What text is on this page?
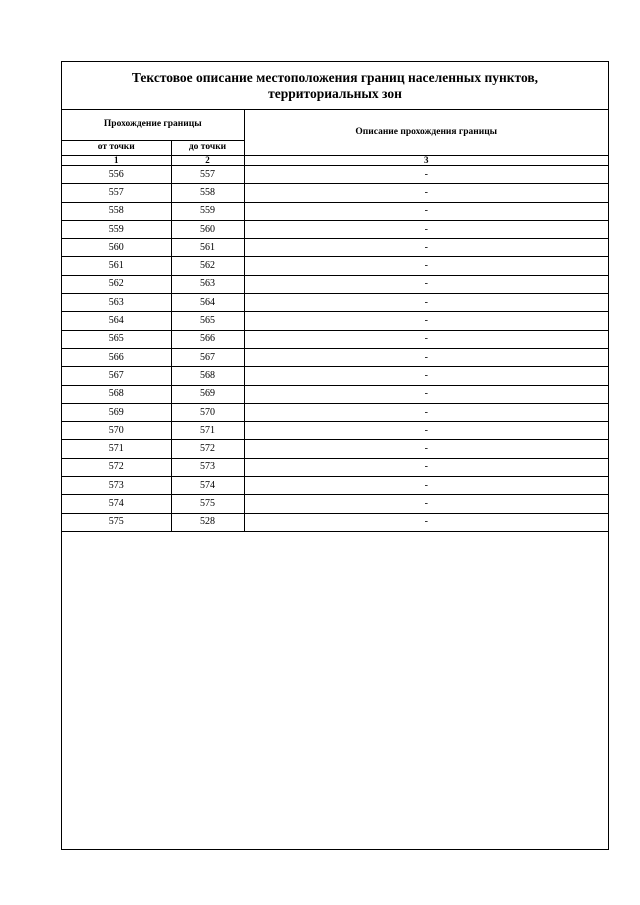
Текстовое описание местоположения границ населенных пунктов, территориальных зон
Прохождение границы		Описание прохождения границы
от точки	до точки	
1	2	3
556	557	-
557	558	-
558	559	-
559	560	-
560	561	-
561	562	-
562	563	-
563	564	-
564	565	-
565	566	-
566	567	-
567	568	-
568	569	-
569	570	-
570	571	-
571	572	-
572	573	-
573	574	-
574	575	-
575	528	-
